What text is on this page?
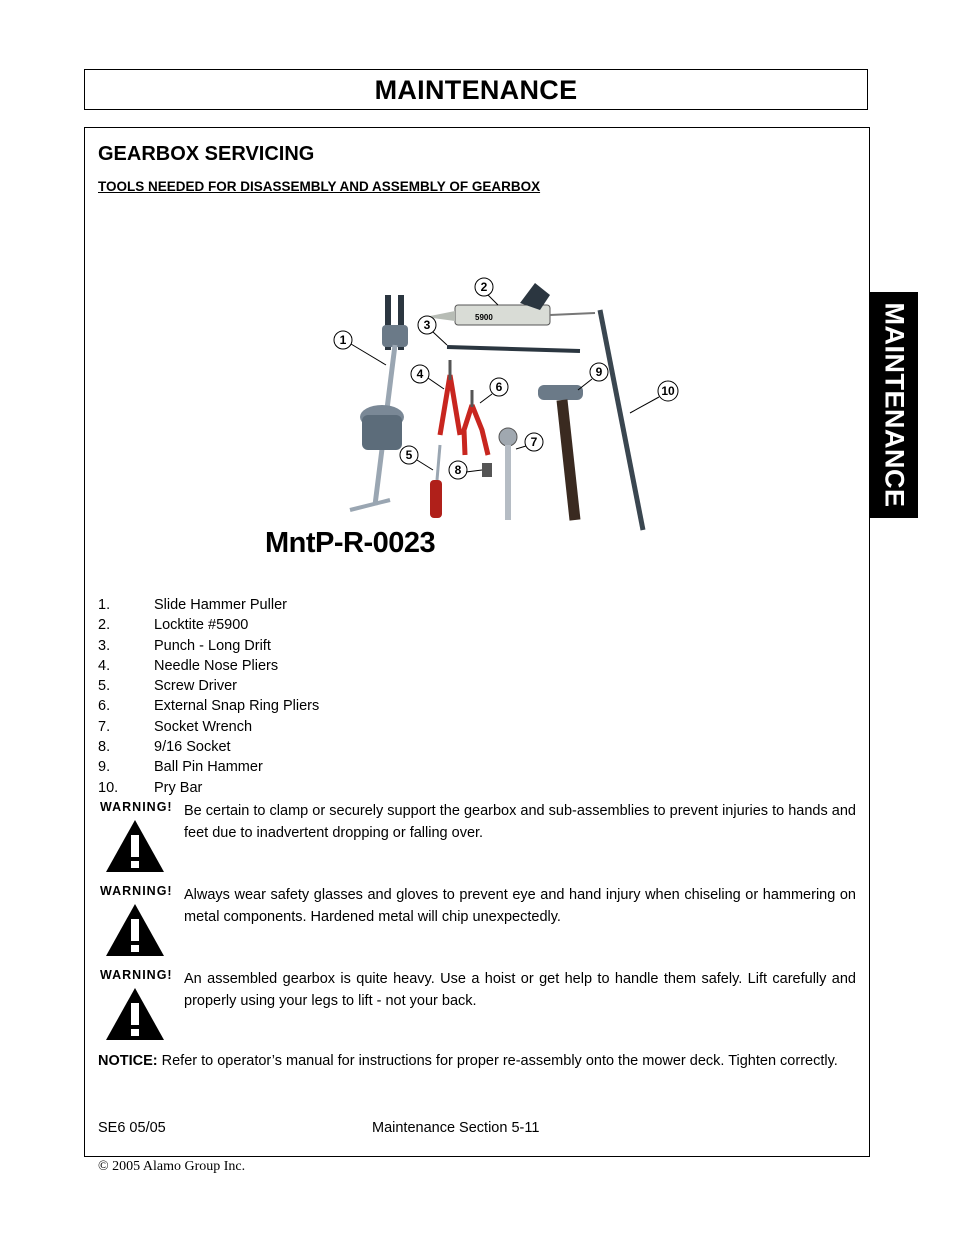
MAINTENANCE
MAINTENANCE
GEARBOX SERVICING
TOOLS NEEDED FOR DISASSEMBLY AND ASSEMBLY OF GEARBOX
5900
1
2
3
4
5
6
7
8
9
10
MntP-R-0023
1.	Slide Hammer Puller
2.	Locktite #5900
3.	Punch - Long Drift
4.	Needle Nose Pliers
5.	Screw Driver
6.	External Snap Ring Pliers
7.	Socket Wrench
8.	9/16 Socket
9.	Ball Pin Hammer
10. Pry Bar
WARNING! Be certain to clamp or securely support the gearbox and sub-assemblies to prevent injuries to hands and feet due to inadvertent dropping or falling over.
WARNING! Always wear safety glasses and gloves to prevent eye and hand injury when chiseling or hammering on metal components. Hardened metal will chip unexpectedly.
WARNING! An assembled gearbox is quite heavy. Use a hoist or get help to handle them safely. Lift carefully and properly using your legs to lift - not your back.
NOTICE: Refer to operator’s manual for instructions for proper re-assembly onto the mower deck. Tighten correctly.
SE6 05/05	Maintenance Section 5-11
© 2005 Alamo Group Inc.
